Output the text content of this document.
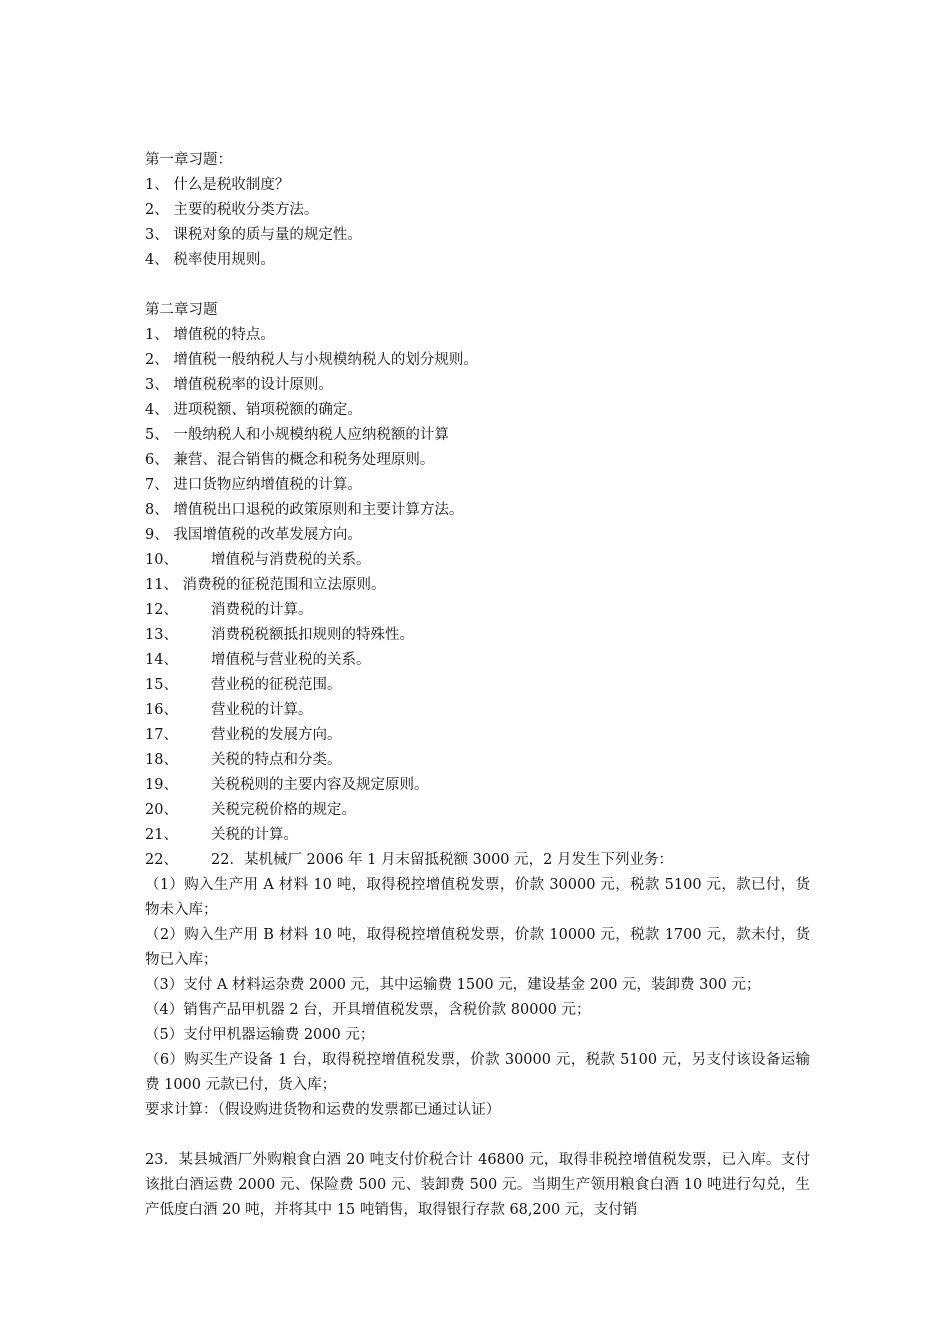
第一章习题：
1、 什么是税收制度？
2、 主要的税收分类方法。
3、 课税对象的质与量的规定性。
4、 税率使用规则。
第二章习题
1、 增值税的特点。
2、 增值税一般纳税人与小规模纳税人的划分规则。
3、 增值税税率的设计原则。
4、 进项税额、销项税额的确定。
5、 一般纳税人和小规模纳税人应纳税额的计算
6、 兼营、混合销售的概念和税务处理原则。
7、 进口货物应纳增值税的计算。
8、 增值税出口退税的政策原则和主要计算方法。
9、 我国增值税的改革发展方向。
10、 增值税与消费税的关系。
11、 消费税的征税范围和立法原则。
12、 消费税的计算。
13、 消费税税额抵扣规则的特殊性。
14、 增值税与营业税的关系。
15、 营业税的征税范围。
16、 营业税的计算。
17、 营业税的发展方向。
18、 关税的特点和分类。
19、 关税税则的主要内容及规定原则。
20、 关税完税价格的规定。
21、 关税的计算。
22、 22．某机械厂 2006 年 1 月末留抵税额 3000 元，2 月发生下列业务：
（1）购入生产用 A 材料 10 吨，取得税控增值税发票，价款 30000 元，税款 5100 元，款已付，货物未入库；
（2）购入生产用 B 材料 10 吨，取得税控增值税发票，价款 10000 元，税款 1700 元，款未付，货物已入库；
（3）支付 A 材料运杂费 2000 元，其中运输费 1500 元，建设基金 200 元，装卸费 300 元；
（4）销售产品甲机器 2 台，开具增值税发票，含税价款 80000 元；
（5）支付甲机器运输费 2000 元；
（6）购买生产设备 1 台，取得税控增值税发票，价款 30000 元，税款 5100 元，另支付该设备运输费 1000 元款已付，货入库；
要求计算：（假设购进货物和运费的发票都已通过认证）
23．某县城酒厂外购粮食白酒 20 吨支付价税合计 46800 元，取得非税控增值税发票，已入库。支付该批白酒运费 2000 元、保险费 500 元、装卸费 500 元。当期生产领用粮食白酒 10 吨进行勾兑，生产低度白酒 20 吨，并将其中 15 吨销售，取得银行存款 68,200 元，支付销
